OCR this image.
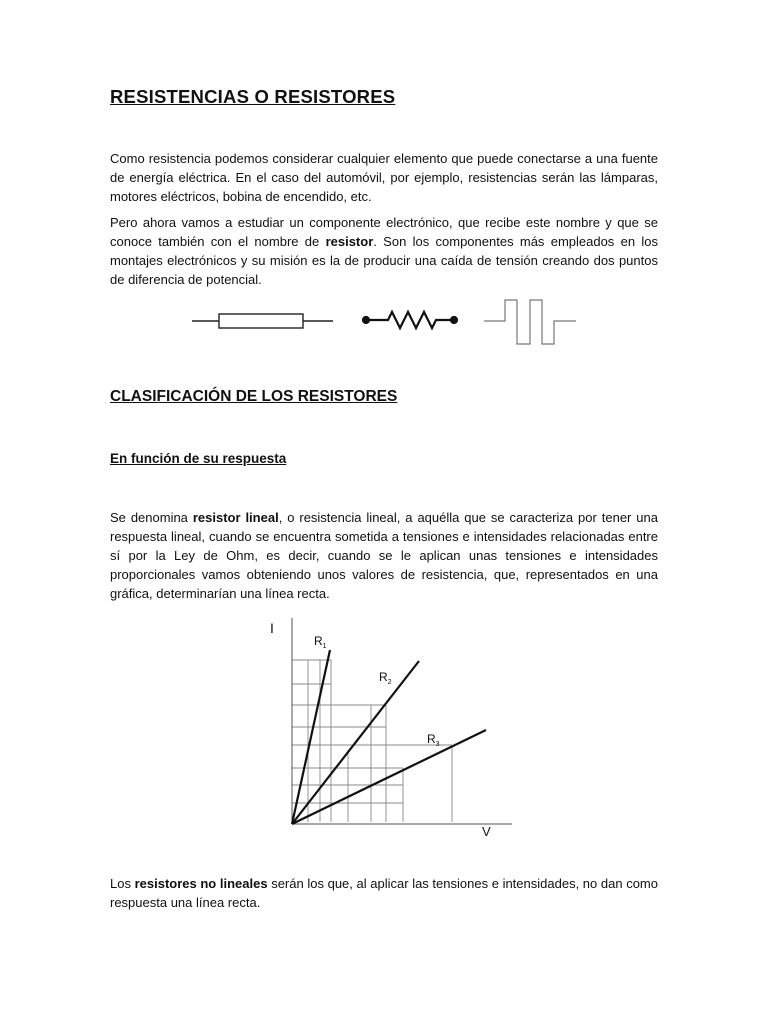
RESISTENCIAS O RESISTORES

Como resistencia podemos considerar cualquier elemento que puede conectarse a una fuente de energía eléctrica. En el caso del automóvil, por ejemplo, resistencias serán las lámparas, motores eléctricos, bobina de encendido, etc.

Pero ahora vamos a estudiar un componente electrónico, que recibe este nombre y que se conoce también con el nombre de resistor. Son los componentes más empleados en los montajes electrónicos y su misión es la de producir una caída de tensión creando dos puntos de diferencia de potencial.

CLASIFICACIÓN DE LOS RESISTORES
En función de su respuesta

Se denomina resistor lineal, o resistencia lineal, a aquélla que se caracteriza por tener una respuesta lineal, cuando se encuentra sometida a tensiones e intensidades relacionadas entre sí por la Ley de Ohm, es decir, cuando se le aplican unas tensiones e intensidades proporcionales vamos obteniendo unos valores de resistencia, que, representados en una gráfica, determinarían una línea recta.

Los resistores no lineales serán los que, al aplicar las tensiones e intensidades, no dan como respuesta una línea recta.

I
V
$R_1$
$R_2$
$R_3$
